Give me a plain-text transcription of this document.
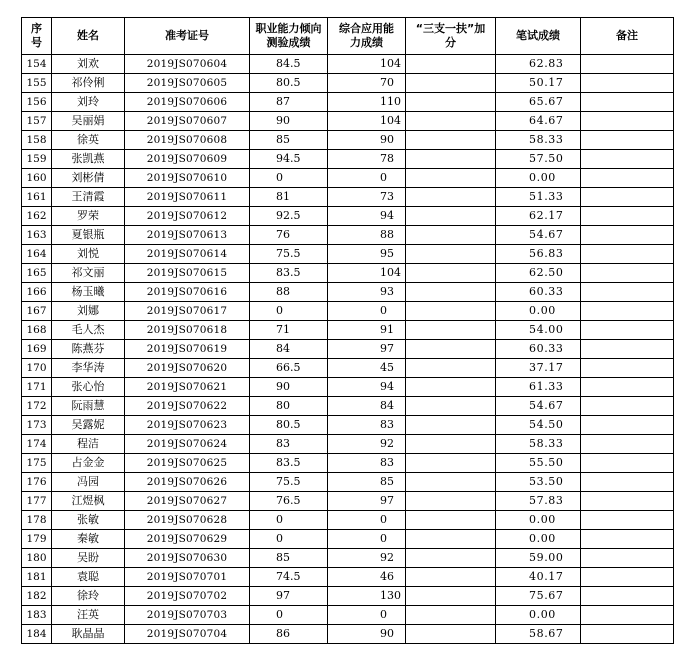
序号	姓名	准考证号	职业能力倾向测验成绩	综合应用能力成绩	“三支一扶”加分	笔试成绩	备注
154	刘欢	2019JS070604	84.5	104		62.83	
155	祁伶俐	2019JS070605	80.5	70		50.17	
156	刘玲	2019JS070606	87	110		65.67	
157	吴丽娟	2019JS070607	90	104		64.67	
158	徐英	2019JS070608	85	90		58.33	
159	张凯燕	2019JS070609	94.5	78		57.50	
160	刘彬倩	2019JS070610	0	0		0.00	
161	王清霞	2019JS070611	81	73		51.33	
162	罗荣	2019JS070612	92.5	94		62.17	
163	夏银瓶	2019JS070613	76	88		54.67	
164	刘悦	2019JS070614	75.5	95		56.83	
165	祁文丽	2019JS070615	83.5	104		62.50	
166	杨玉曦	2019JS070616	88	93		60.33	
167	刘娜	2019JS070617	0	0		0.00	
168	毛人杰	2019JS070618	71	91		54.00	
169	陈燕芬	2019JS070619	84	97		60.33	
170	李华涛	2019JS070620	66.5	45		37.17	
171	张心怡	2019JS070621	90	94		61.33	
172	阮雨慧	2019JS070622	80	84		54.67	
173	吴露妮	2019JS070623	80.5	83		54.50	
174	程洁	2019JS070624	83	92		58.33	
175	占金金	2019JS070625	83.5	83		55.50	
176	冯园	2019JS070626	75.5	85		53.50	
177	江煜枫	2019JS070627	76.5	97		57.83	
178	张敏	2019JS070628	0	0		0.00	
179	秦敏	2019JS070629	0	0		0.00	
180	吴盼	2019JS070630	85	92		59.00	
181	袁聪	2019JS070701	74.5	46		40.17	
182	徐玲	2019JS070702	97	130		75.67	
183	汪英	2019JS070703	0	0		0.00	
184	耿晶晶	2019JS070704	86	90		58.67	
